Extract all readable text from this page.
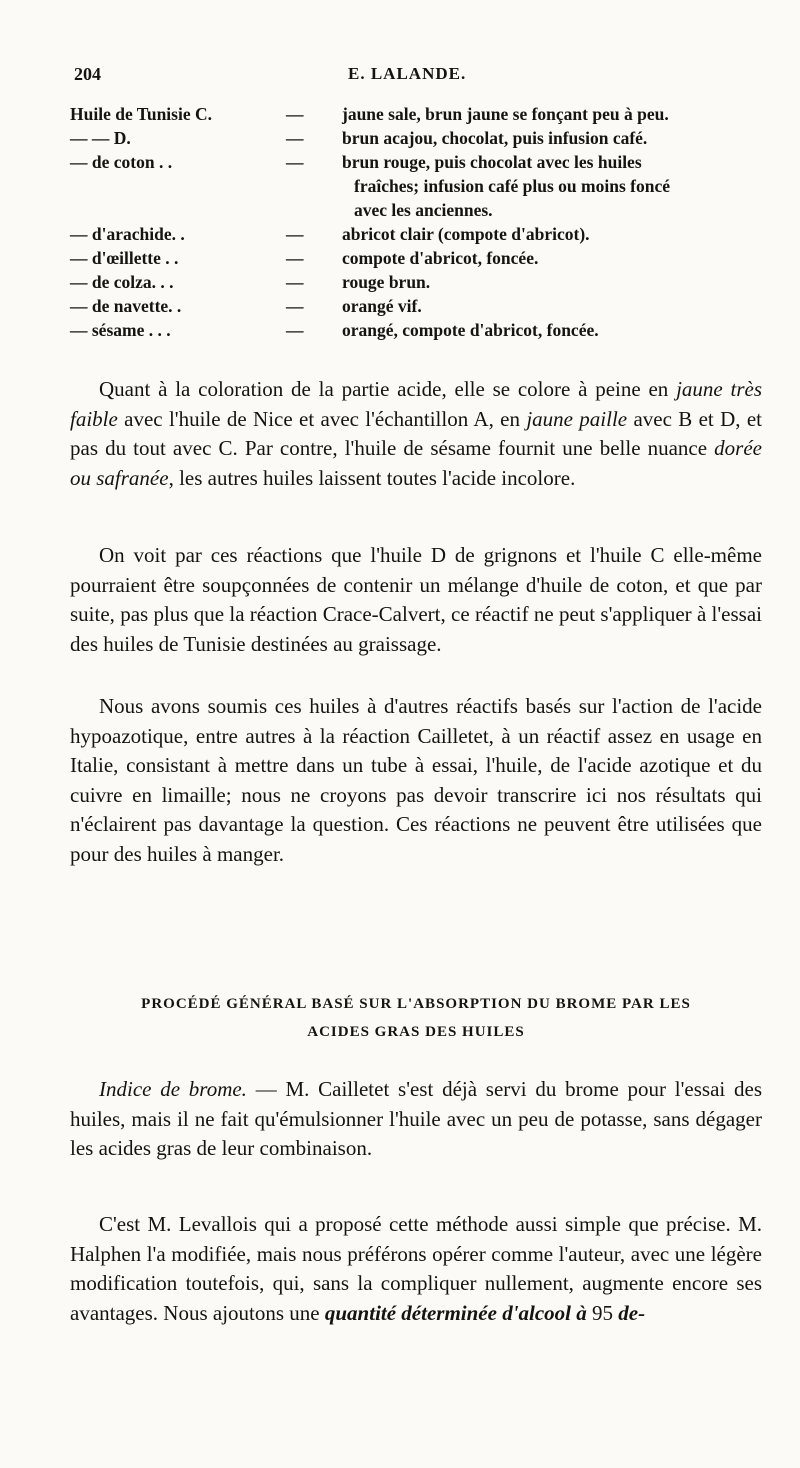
204	E. LALANDE.
Huile de Tunisie C.	— jaune sale, brun jaune se fonçant peu à peu.
— — D.	— brun acajou, chocolat, puis infusion café.
— de coton . .	— brun rouge, puis chocolat avec les huiles
fraîches; infusion café plus ou moins foncé
avec les anciennes.
— d'arachide. .	— abricot clair (compote d'abricot).
— d'œillette . .	— compote d'abricot, foncée.
— de colza. . .	— rouge brun.
— de navette. .	— orangé vif.
— sésame . . .	— orangé, compote d'abricot, foncée.

Quant à la coloration de la partie acide, elle se colore à peine en jaune très faible avec l'huile de Nice et avec l'échantillon A, en jaune paille avec B et D, et pas du tout avec C. Par contre, l'huile de sésame fournit une belle nuance dorée ou safranée, les autres huiles laissent toutes l'acide incolore.

On voit par ces réactions que l'huile D de grignons et l'huile C elle-même pourraient être soupçonnées de contenir un mélange d'huile de coton, et que par suite, pas plus que la réaction Crace-Calvert, ce réactif ne peut s'appliquer à l'essai des huiles de Tunisie destinées au graissage.

Nous avons soumis ces huiles à d'autres réactifs basés sur l'action de l'acide hypoazotique, entre autres à la réaction Cailletet, à un réactif assez en usage en Italie, consistant à mettre dans un tube à essai, l'huile, de l'acide azotique et du cuivre en limaille; nous ne croyons pas devoir transcrire ici nos résultats qui n'éclairent pas davantage la question. Ces réactions ne peuvent être utilisées que pour des huiles à manger.

PROCÉDÉ GÉNÉRAL BASÉ SUR L'ABSORPTION DU BROME PAR LES
ACIDES GRAS DES HUILES

Indice de brome. — M. Cailletet s'est déjà servi du brome pour l'essai des huiles, mais il ne fait qu'émulsionner l'huile avec un peu de potasse, sans dégager les acides gras de leur combinaison.

C'est M. Levallois qui a proposé cette méthode aussi simple que précise. M. Halphen l'a modifiée, mais nous préférons opérer comme l'auteur, avec une légère modification toutefois, qui, sans la compliquer nullement, augmente encore ses avantages. Nous ajoutons une quantité déterminée d'alcool à 95 de-
